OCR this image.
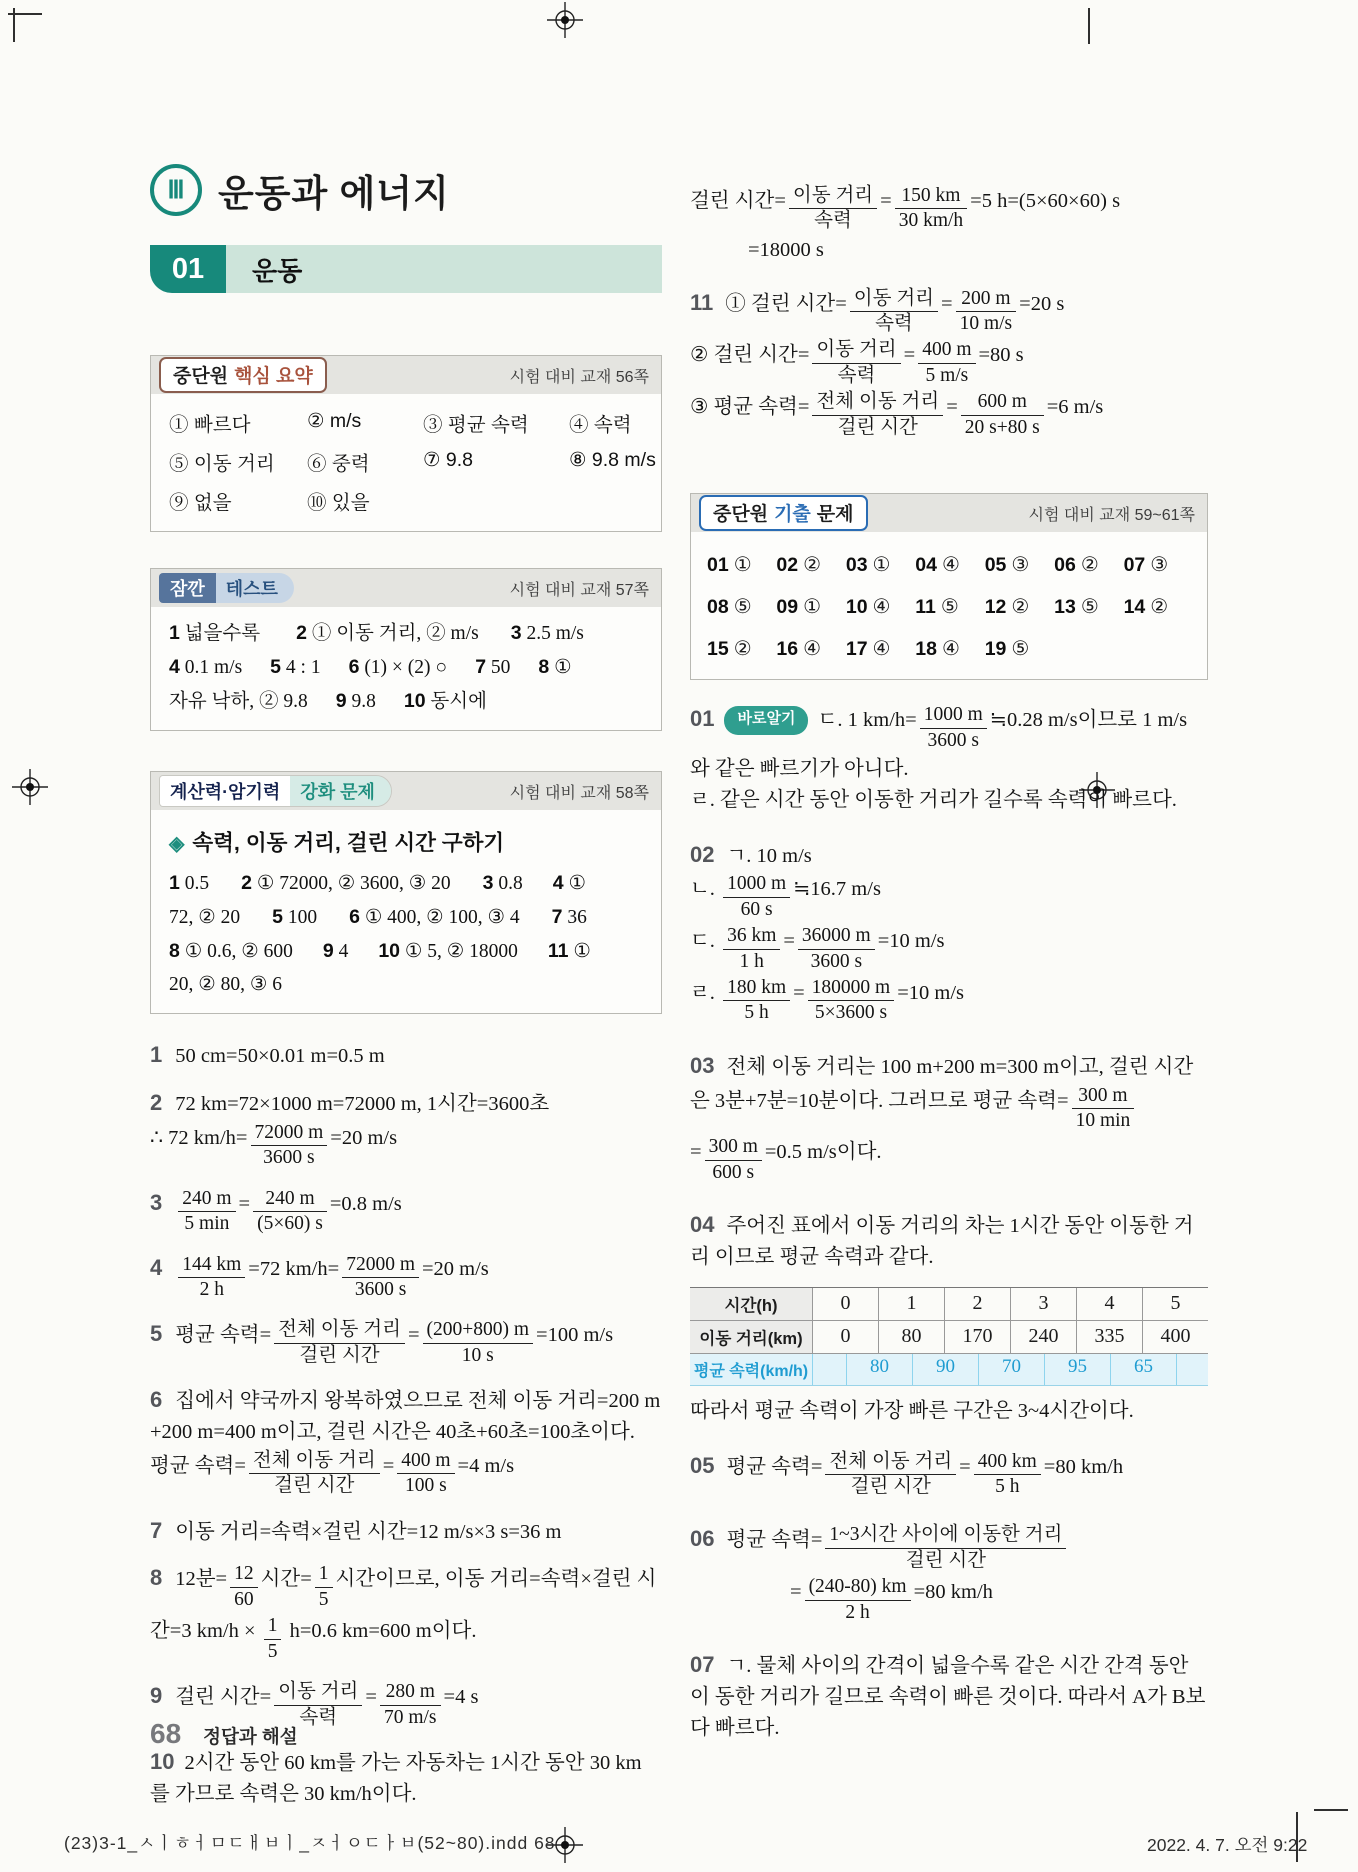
Ⅲ 운동과 에너지
01	운동
중단원 핵심 요약	시험 대비 교재 56쪽
① 빠르다	② m/s	③ 평균 속력	④ 속력
⑤ 이동 거리	⑥ 중력	⑦ 9.8	⑧ 9.8 m/s
⑨ 없을	⑩ 있을
잠깐	테스트	시험 대비 교재 57쪽
1 넓을수록 2 ① 이동 거리, ② m/s 3 2.5 m/s
4 0.1 m/s 5 4 : 1 6 (1) × (2) ○ 7 50 8 ①
자유 낙하, ② 9.8 9 9.8 10 동시에
계산력·암기력	강화 문제	시험 대비 교재 58쪽
◈ 속력, 이동 거리, 걸린 시간 구하기
1 0.5 2 ① 72000, ② 3600, ③ 20 3 0.8 4 ①
72, ② 20 5 100 6 ① 400, ② 100, ③ 4 7 36
8 ① 0.6, ② 600 9 4 10 ① 5, ② 18000 11 ①
20, ② 80, ③ 6
1 50 cm=50×0.01 m=0.5 m
2 72 km=72×1000 m=72000 m, 1시간=3600초
∴ 72 $km/h= \frac{72000 m}{3600 s} =20$ m/s
$3 \frac{240 m}{5 \min} = \frac{240 m}{(5\times 60) s} =0.8$ m/s
$4 \frac{144 km}{2 h} =72$ $km/h= \frac{72000 m}{3600 s} =20$ m/s
5 평균 속력= $\frac{\text{전체 이동 거리}}{\text{걸린 시간}} = \frac{(200+800) m}{10 s} =100$ m/s
6 집에서 약국까지 왕복하였으므로 전체 이동 거리=200 m +200 m=400 m이고, 걸린 시간은 40초+60초=100초이다.
평균 속력= $\frac{\text{전체 이동 거리}}{\text{걸린 시간}} = \frac{400 m}{100 s} =4$ m/s
7 이동 거리=속력×걸린 시간=12 m/s×3 s=36 m
8 12분= $\frac{12}{60}$ 시간= $\frac{1}{5}$ 시간이므로, 이동 거리=속력×걸린 시간=3 $km/h \times \frac{1}{5} h=0.6$ km=600 m이다.
9 걸린 시간= $\frac{\text{이동 거리}}{\text{속력}} = \frac{280 m}{70 m/s} =4$ s
10 2시간 동안 60 km를 가는 자동차는 1시간 동안 30 km 를 가므로 속력은 30 km/h이다.
걸린 시간= $\frac{\text{이동 거리}}{\text{속력}} = \frac{150 km}{30 km/h} =5$ h=(5×60×60) s
=18000 s
11 ① 걸린 시간= $\frac{\text{이동 거리}}{\text{속력}} = \frac{200 m}{10 m/s} =20$ s
② 걸린 시간= $\frac{\text{이동 거리}}{\text{속력}} = \frac{400 m}{5 m/s} =80$ s
③ 평균 속력= $\frac{\text{전체 이동 거리}}{\text{걸린 시간}} = \frac{600 m}{20 s+80 s} =6$ m/s
중단원 기출 문제	시험 대비 교재 59~61쪽
01 ①	02 ②	03 ①	04 ④	05 ③	06 ②	07 ③
08 ⑤	09 ①	10 ④	11 ⑤	12 ②	13 ⑤	14 ②
15 ②	16 ④	17 ④	18 ④	19 ⑤
01 바로알기 ㄷ. 1 $km/h= \frac{1000 m}{3600 s}$ ≒0.28 m/s이므로 1 m/s 와 같은 빠르기가 아니다.
ㄹ. 같은 시간 동안 이동한 거리가 길수록 속력이 빠르다.
02 ㄱ. 10 m/s
ㄴ. $\frac{1000 m}{60 s}$ ≒16.7 m/s
ㄷ. $\frac{36 km}{1 h} = \frac{36000 m}{3600 s} =10$ m/s
ㄹ. $\frac{180 km}{5 h} = \frac{180000 m}{5\times 3600 s} =10$ m/s
03 전체 이동 거리는 100 m+200 m=300 m이고, 걸린 시간은 3분+7분=10분이다. 그러므로 평균 속력= $\frac{300 m}{10 \min}$

= $\frac{300 m}{600 s} =0.5$ m/s이다.
04 주어진 표에서 이동 거리의 차는 1시간 동안 이동한 거리 이므로 평균 속력과 같다.
시간(h)	0	1	2	3	4	5
이동 거리(km)	0	80	170	240	335	400
평균 속력(km/h)	80	90	70	95	65
따라서 평균 속력이 가장 빠른 구간은 3~4시간이다.
05 평균 속력= $\frac{\text{전체 이동 거리}}{\text{걸린 시간}} = \frac{400 km}{5 h} =80$ km/h
06 평균 속력= $\frac{\text{1\textasciitilde{}3시간 사이에 이동한 거리}}{\text{걸린 시간}}$

= $\frac{(240-80) km}{2 h} =80$ km/h
07 ㄱ. 물체 사이의 간격이 넓을수록 같은 시간 간격 동안 이 동한 거리가 길므로 속력이 빠른 것이다. 따라서 A가 B보다 빠르다.
68 정답과 해설
(23)3-1_ㅅㅣㅎㅓㅁㄷㅐㅂㅣ_ㅈㅓㅇㄷㅏㅂ(52~80).indd 68	2022. 4. 7. 오전 9:22
